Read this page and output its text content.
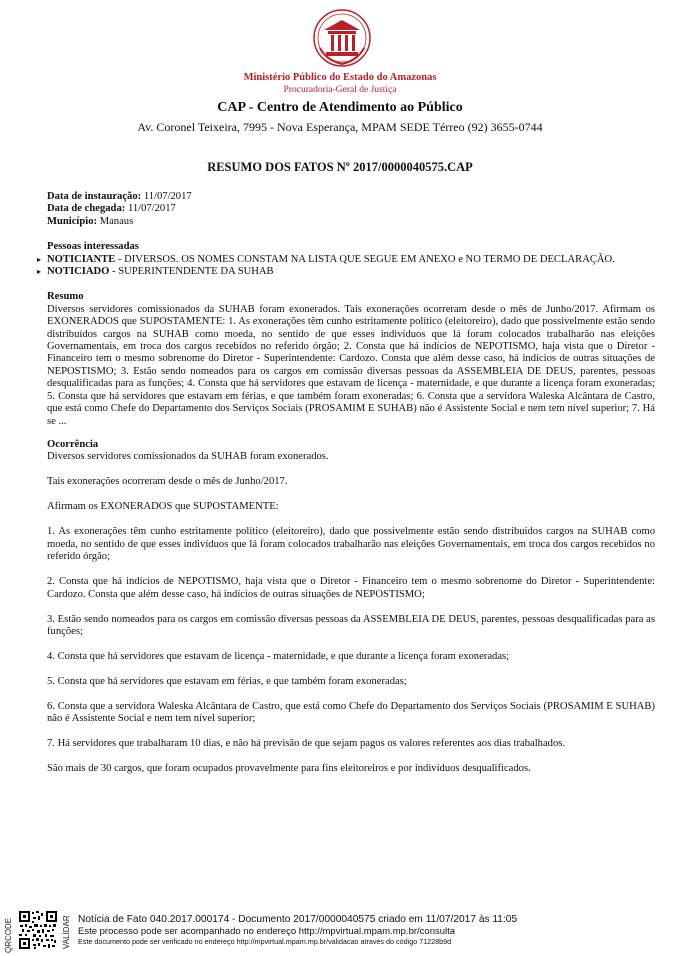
Ministério Público do Estado do Amazonas
Procuradoria-Geral de Justiça
CAP - Centro de Atendimento ao Público
Av. Coronel Teixeira, 7995 - Nova Esperança, MPAM SEDE Térreo (92) 3655-0744
RESUMO DOS FATOS Nº 2017/0000040575.CAP
Data de instauração: 11/07/2017
Data de chegada: 11/07/2017
Município: Manaus
Pessoas interessadas
▸ NOTICIANTE - DIVERSOS. OS NOMES CONSTAM NA LISTA QUE SEGUE EM ANEXO e NO TERMO DE DECLARAÇÃO.
▸ NOTICIADO - SUPERINTENDENTE DA SUHAB
Resumo
Diversos servidores comissionados da SUHAB foram exonerados. Tais exonerações ocorreram desde o mês de Junho/2017. Afirmam os EXONERADOS que SUPOSTAMENTE: 1. As exonerações têm cunho estritamente político (eleitoreiro), dado que possivelmente estão sendo distribuídos cargos na SUHAB como moeda, no sentido de que esses indivíduos que lá foram colocados trabalharão nas eleições Governamentais, em troca dos cargos recebidos no referido órgão; 2. Consta que há indícios de NEPOTISMO, haja vista que o Diretor - Financeiro tem o mesmo sobrenome do Diretor - Superintendente: Cardozo. Consta que além desse caso, há indícios de outras situações de NEPOSTISMO; 3. Estão sendo nomeados para os cargos em comissão diversas pessoas da ASSEMBLEIA DE DEUS, parentes, pessoas desqualificadas para as funções; 4. Consta que há servidores que estavam de licença - maternidade, e que durante a licença foram exoneradas; 5. Consta que há servidores que estavam em férias, e que também foram exoneradas; 6. Consta que a servidora Waleska Alcântara de Castro, que está como Chefe do Departamento dos Serviços Sociais (PROSAMIM E SUHAB) não é Assistente Social e nem tem nível superior; 7. Há se ...
Ocorrência

Diversos servidores comissionados da SUHAB foram exonerados.

Tais exonerações ocorreram desde o mês de Junho/2017.

Afirmam os EXONERADOS que SUPOSTAMENTE:

1. As exonerações têm cunho estritamente político (eleitoreiro), dado que possivelmente estão sendo distribuídos cargos na SUHAB como moeda, no sentido de que esses indivíduos que lá foram colocados trabalharão nas eleições Governamentais, em troca dos cargos recebidos no referido órgão;

2. Consta que há indícios de NEPOTISMO, haja vista que o Diretor - Financeiro tem o mesmo sobrenome do Diretor - Superintendente: Cardozo. Consta que além desse caso, há indícios de outras situações de NEPOSTISMO;

3. Estão sendo nomeados para os cargos em comissão diversas pessoas da ASSEMBLEIA DE DEUS, parentes, pessoas desqualificadas para as funções;

4. Consta que há servidores que estavam de licença - maternidade, e que durante a licença foram exoneradas;

5. Consta que há servidores que estavam em férias, e que também foram exoneradas;

6. Consta que a servidora Waleska Alcântara de Castro, que está como Chefe do Departamento dos Serviços Sociais (PROSAMIM E SUHAB) não é Assistente Social e nem tem nível superior;

7. Há servidores que trabalharam 10 dias, e não há previsão de que sejam pagos os valores referentes aos dias trabalhados.

São mais de 30 cargos, que foram ocupados provavelmente para fins eleitoreiros e por indivíduos desqualificados.

QRCODE	VALIDAR Notícia de Fato 040.2017.000174 - Documento 2017/0000040575 criado em 11/07/2017 às 11:05
Este processo pode ser acompanhado no endereço http://mpvirtual.mpam.mp.br/consulta
Este documento pode ser verificado no endereço http://mpvirtual.mpam.mp.br/validacao através do código 71228b9d
